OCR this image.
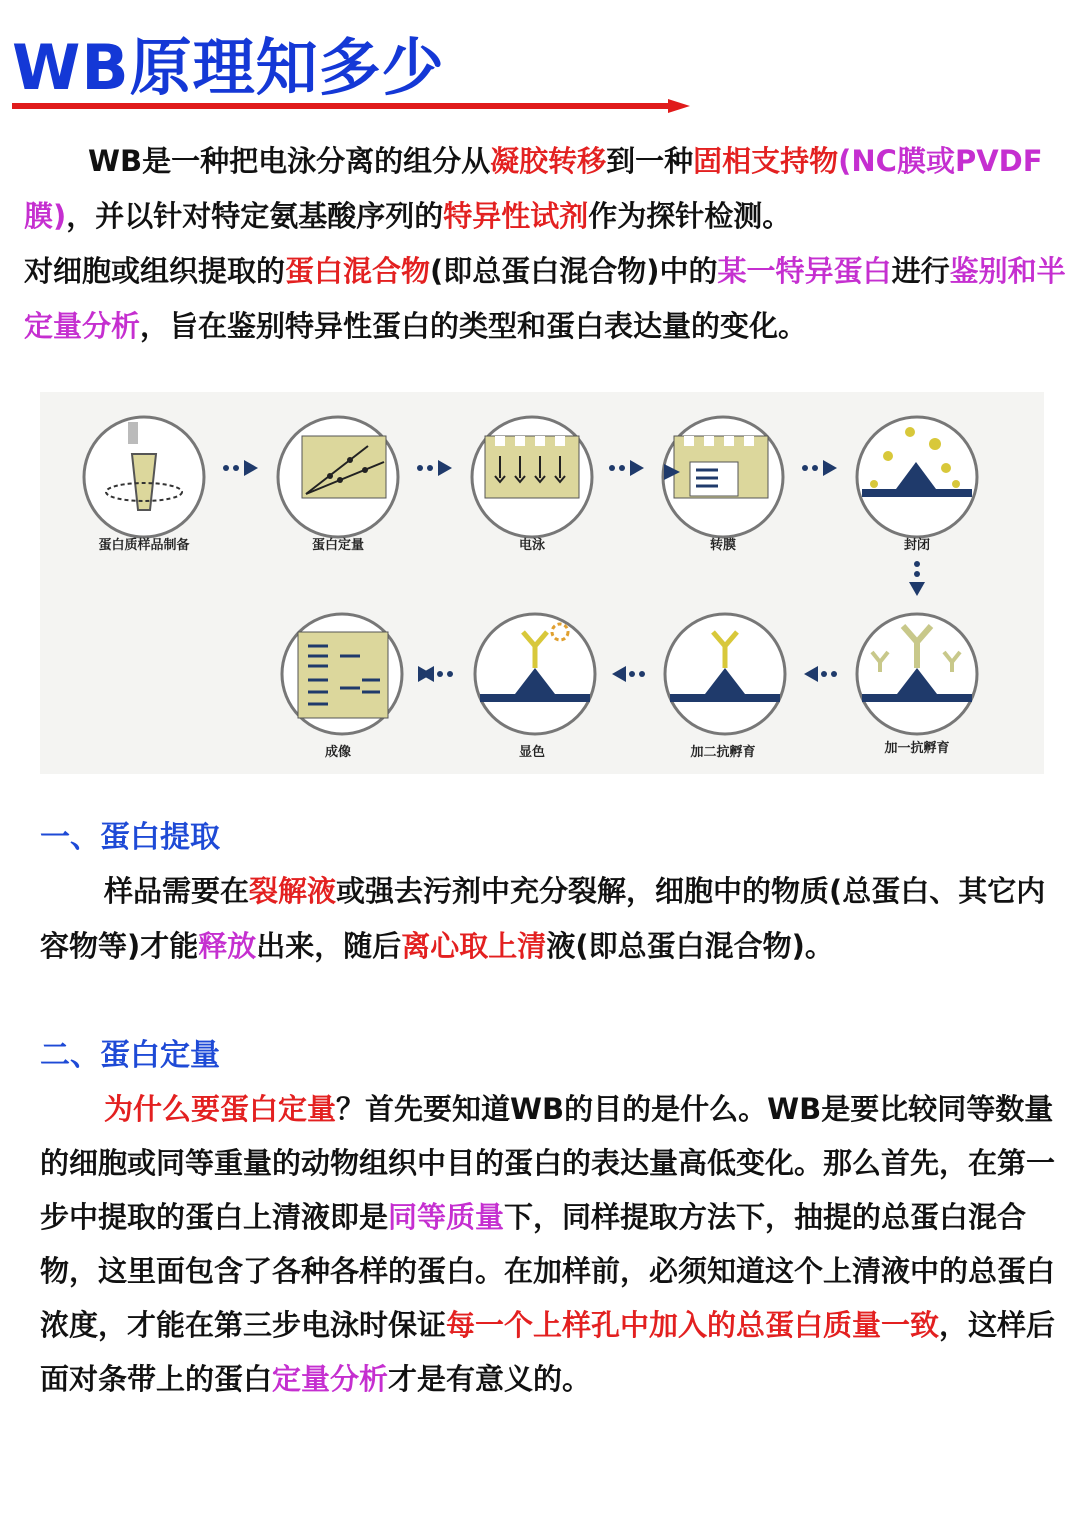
WB原理知多少

WB是一种把电泳分离的组分从凝胶转移到一种固相支持物(NC膜或PVDF膜)，并以针对特定氨基酸序列的特异性试剂作为探针检测。

对细胞或组织提取的蛋白混合物(即总蛋白混合物)中的某一特异蛋白进行鉴别和半定量分析，旨在鉴别特异性蛋白的类型和蛋白表达量的变化。

蛋白质样品制备	蛋白定量	电泳	转膜	封闭
成像	显色	加二抗孵育	加一抗孵育
一、蛋白提取

样品需要在裂解液或强去污剂中充分裂解，细胞中的物质(总蛋白、其它内容物等)才能释放出来，随后离心取上清液(即总蛋白混合物)。

二、蛋白定量

为什么要蛋白定量？首先要知道WB的目的是什么。WB是要比较同等数量的细胞或同等重量的动物组织中目的蛋白的表达量高低变化。那么首先，在第一步中提取的蛋白上清液即是同等质量下，同样提取方法下，抽提的总蛋白混合物，这里面包含了各种各样的蛋白。在加样前，必须知道这个上清液中的总蛋白浓度，才能在第三步电泳时保证每一个上样孔中加入的总蛋白质量一致，这样后面对条带上的蛋白定量分析才是有意义的。
